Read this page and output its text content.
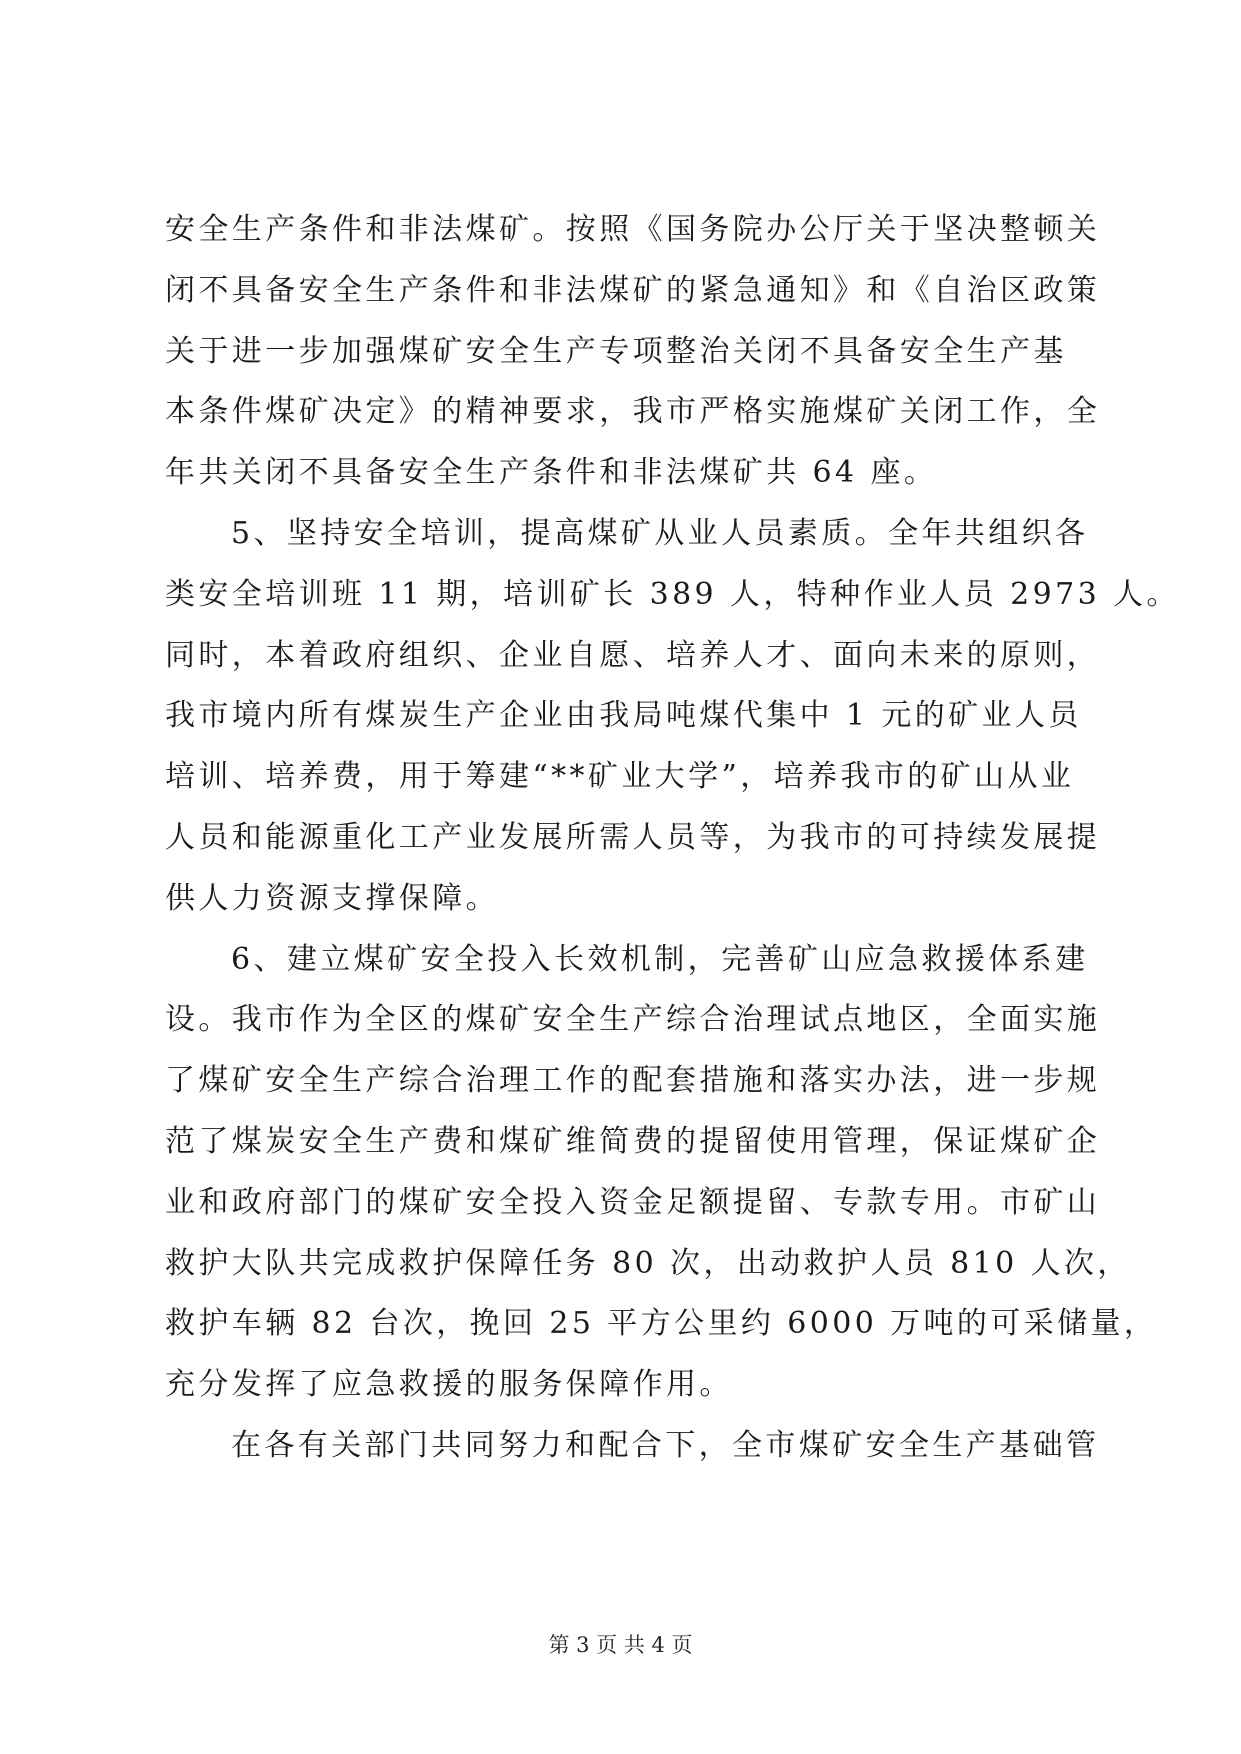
安全生产条件和非法煤矿。按照《国务院办公厅关于坚决整顿关
闭不具备安全生产条件和非法煤矿的紧急通知》和《自治区政策
关于进一步加强煤矿安全生产专项整治关闭不具备安全生产基
本条件煤矿决定》的精神要求，我市严格实施煤矿关闭工作，全
年共关闭不具备安全生产条件和非法煤矿共 64 座。

5、坚持安全培训，提高煤矿从业人员素质。全年共组织各
类安全培训班 11 期，培训矿长 389 人，特种作业人员 2973 人。
同时，本着政府组织、企业自愿、培养人才、面向未来的原则，
我市境内所有煤炭生产企业由我局吨煤代集中 1 元的矿业人员
培训、培养费，用于筹建“**矿业大学”，培养我市的矿山从业
人员和能源重化工产业发展所需人员等，为我市的可持续发展提
供人力资源支撑保障。

6、建立煤矿安全投入长效机制，完善矿山应急救援体系建
设。我市作为全区的煤矿安全生产综合治理试点地区，全面实施
了煤矿安全生产综合治理工作的配套措施和落实办法，进一步规
范了煤炭安全生产费和煤矿维简费的提留使用管理，保证煤矿企
业和政府部门的煤矿安全投入资金足额提留、专款专用。市矿山
救护大队共完成救护保障任务 80 次，出动救护人员 810 人次，
救护车辆 82 台次，挽回 25 平方公里约 6000 万吨的可采储量，
充分发挥了应急救援的服务保障作用。

在各有关部门共同努力和配合下，全市煤矿安全生产基础管

第 3 页 共 4 页
